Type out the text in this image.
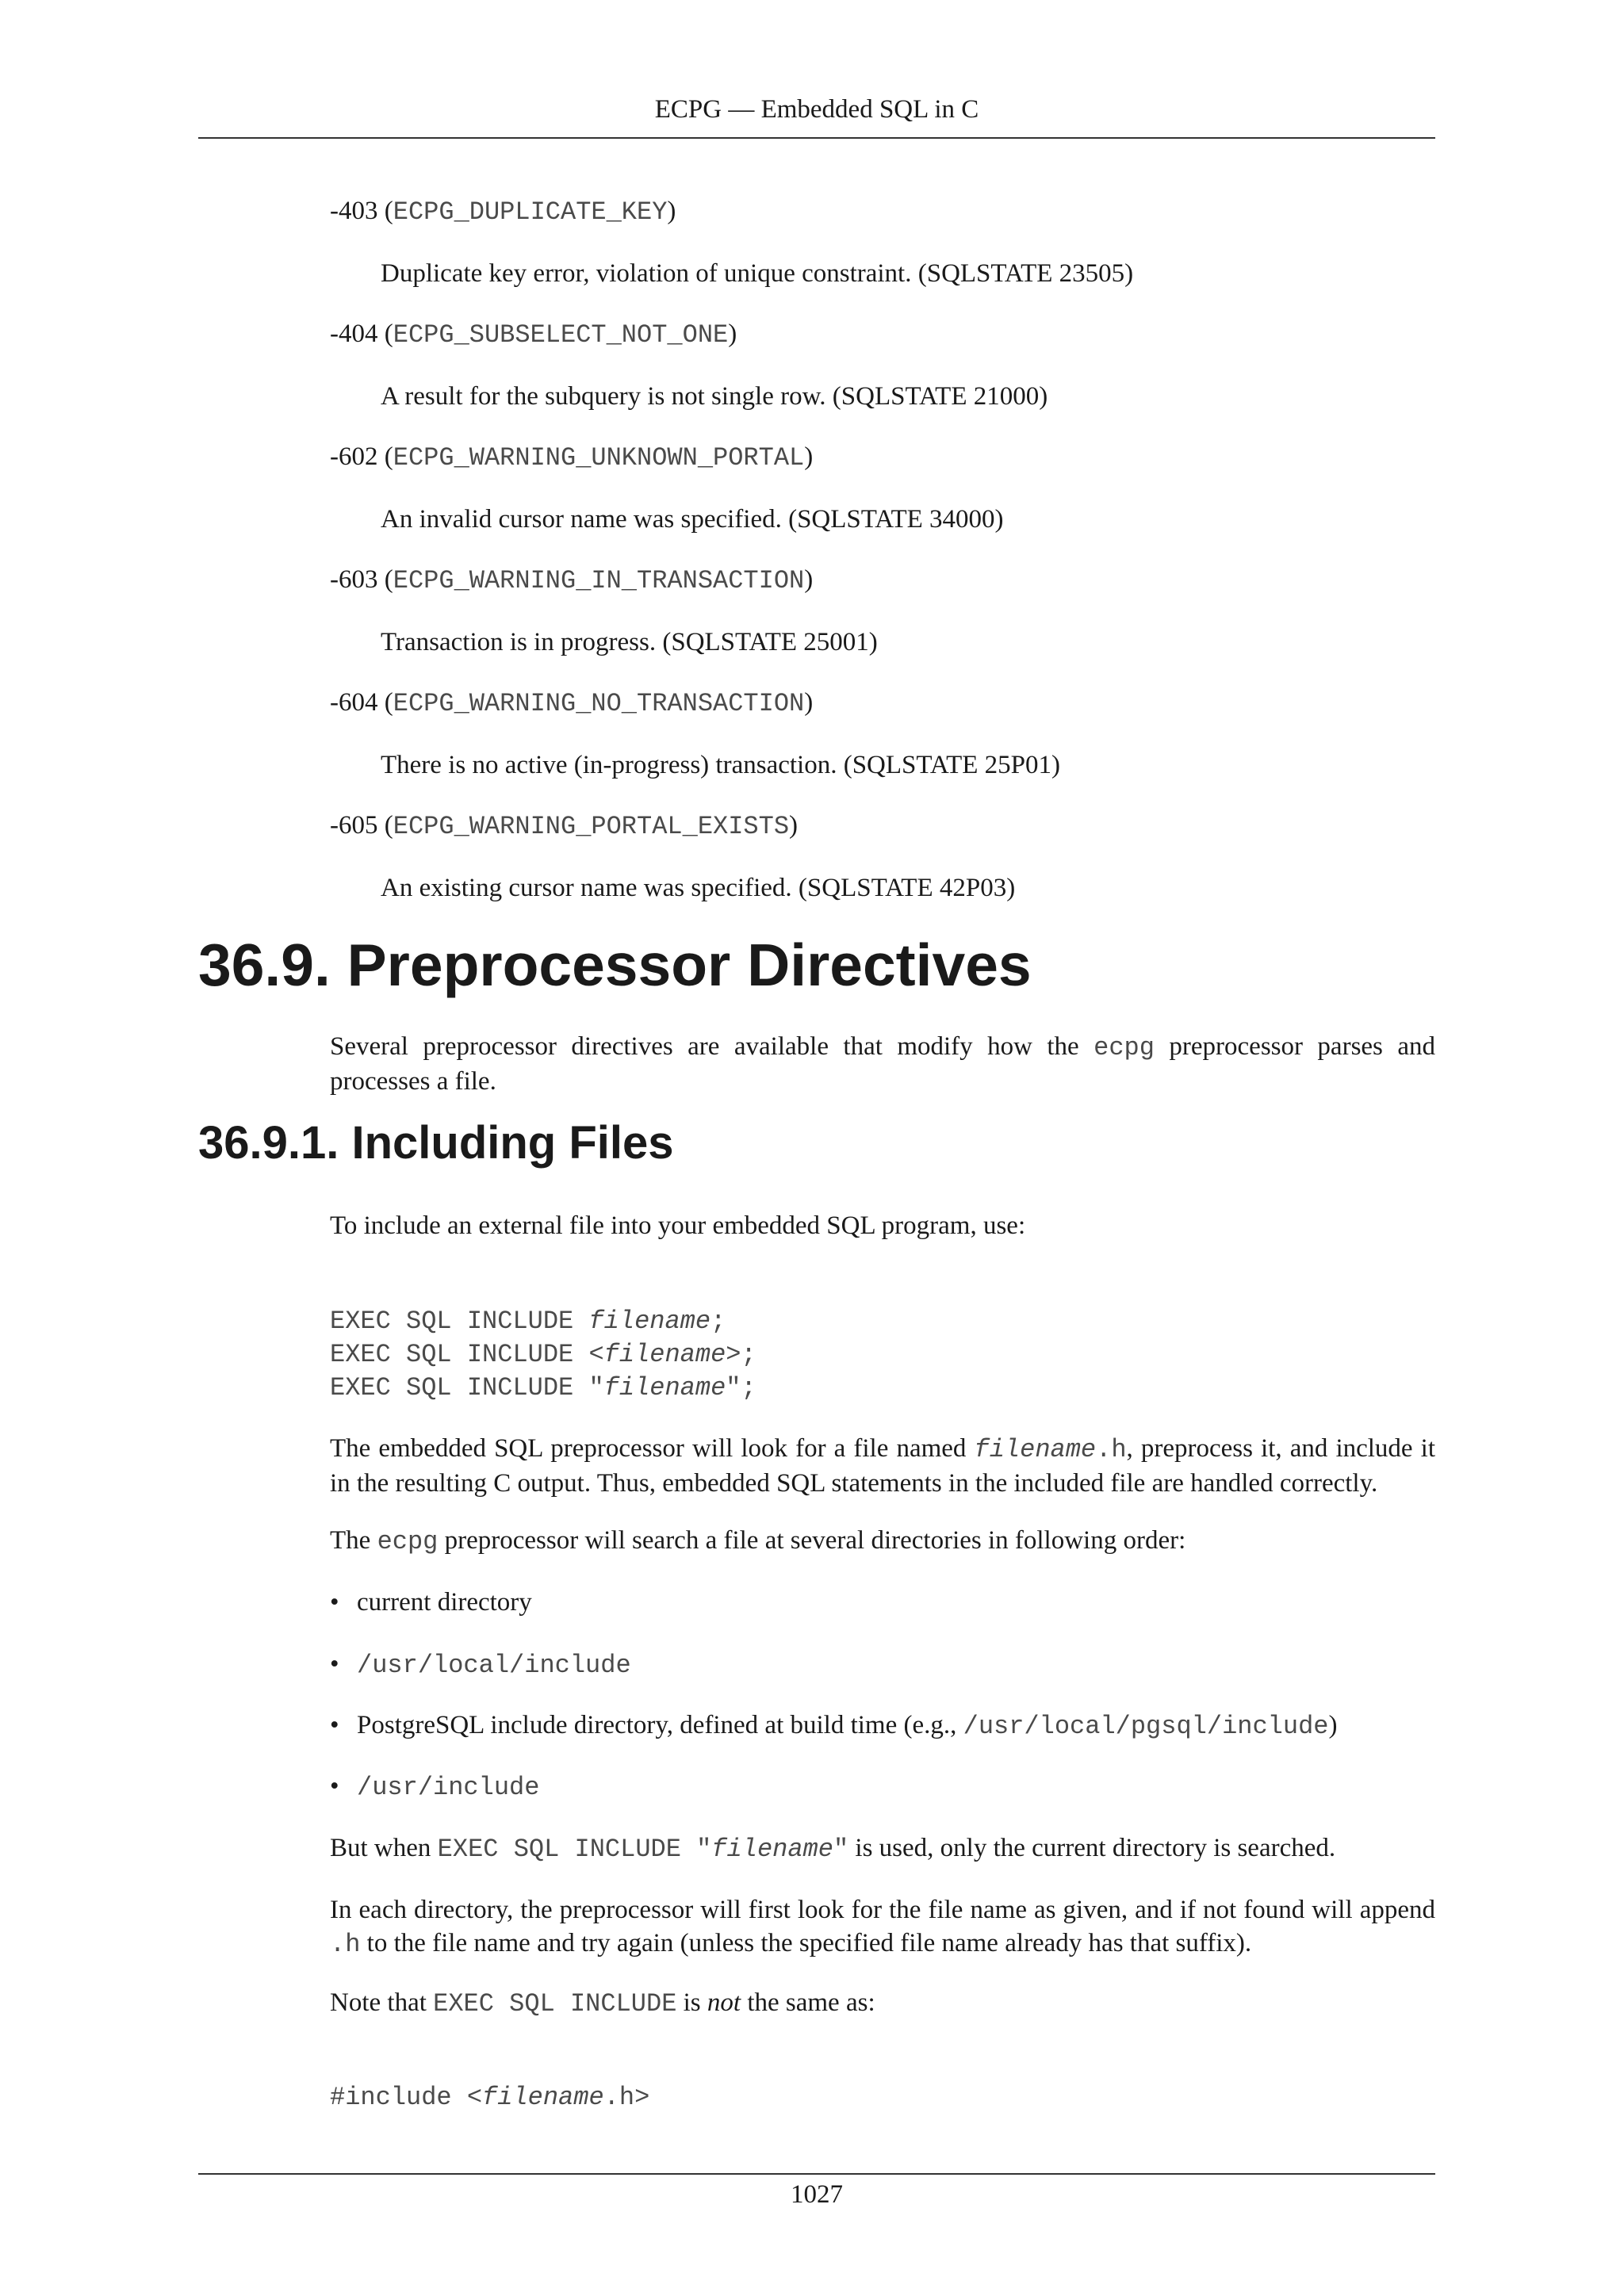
ECPG — Embedded SQL in C
-403 (ECPG_DUPLICATE_KEY)
Duplicate key error, violation of unique constraint. (SQLSTATE 23505)
-404 (ECPG_SUBSELECT_NOT_ONE)
A result for the subquery is not single row. (SQLSTATE 21000)
-602 (ECPG_WARNING_UNKNOWN_PORTAL)
An invalid cursor name was specified. (SQLSTATE 34000)
-603 (ECPG_WARNING_IN_TRANSACTION)
Transaction is in progress. (SQLSTATE 25001)
-604 (ECPG_WARNING_NO_TRANSACTION)
There is no active (in-progress) transaction. (SQLSTATE 25P01)
-605 (ECPG_WARNING_PORTAL_EXISTS)
An existing cursor name was specified. (SQLSTATE 42P03)
36.9. Preprocessor Directives

Several preprocessor directives are available that modify how the ecpg preprocessor parses and processes a file.

36.9.1. Including Files

To include an external file into your embedded SQL program, use:

EXEC SQL INCLUDE filename;
EXEC SQL INCLUDE <filename>;
EXEC SQL INCLUDE "filename";

The embedded SQL preprocessor will look for a file named filename.h, preprocess it, and include it in the resulting C output. Thus, embedded SQL statements in the included file are handled correctly.

The ecpg preprocessor will search a file at several directories in following order:

• current directory
• /usr/local/include
• PostgreSQL include directory, defined at build time (e.g., /usr/local/pgsql/include)
• /usr/include

But when EXEC SQL INCLUDE "filename" is used, only the current directory is searched.

In each directory, the preprocessor will first look for the file name as given, and if not found will append .h to the file name and try again (unless the specified file name already has that suffix).

Note that EXEC SQL INCLUDE is not the same as:

#include <filename.h>
1027
